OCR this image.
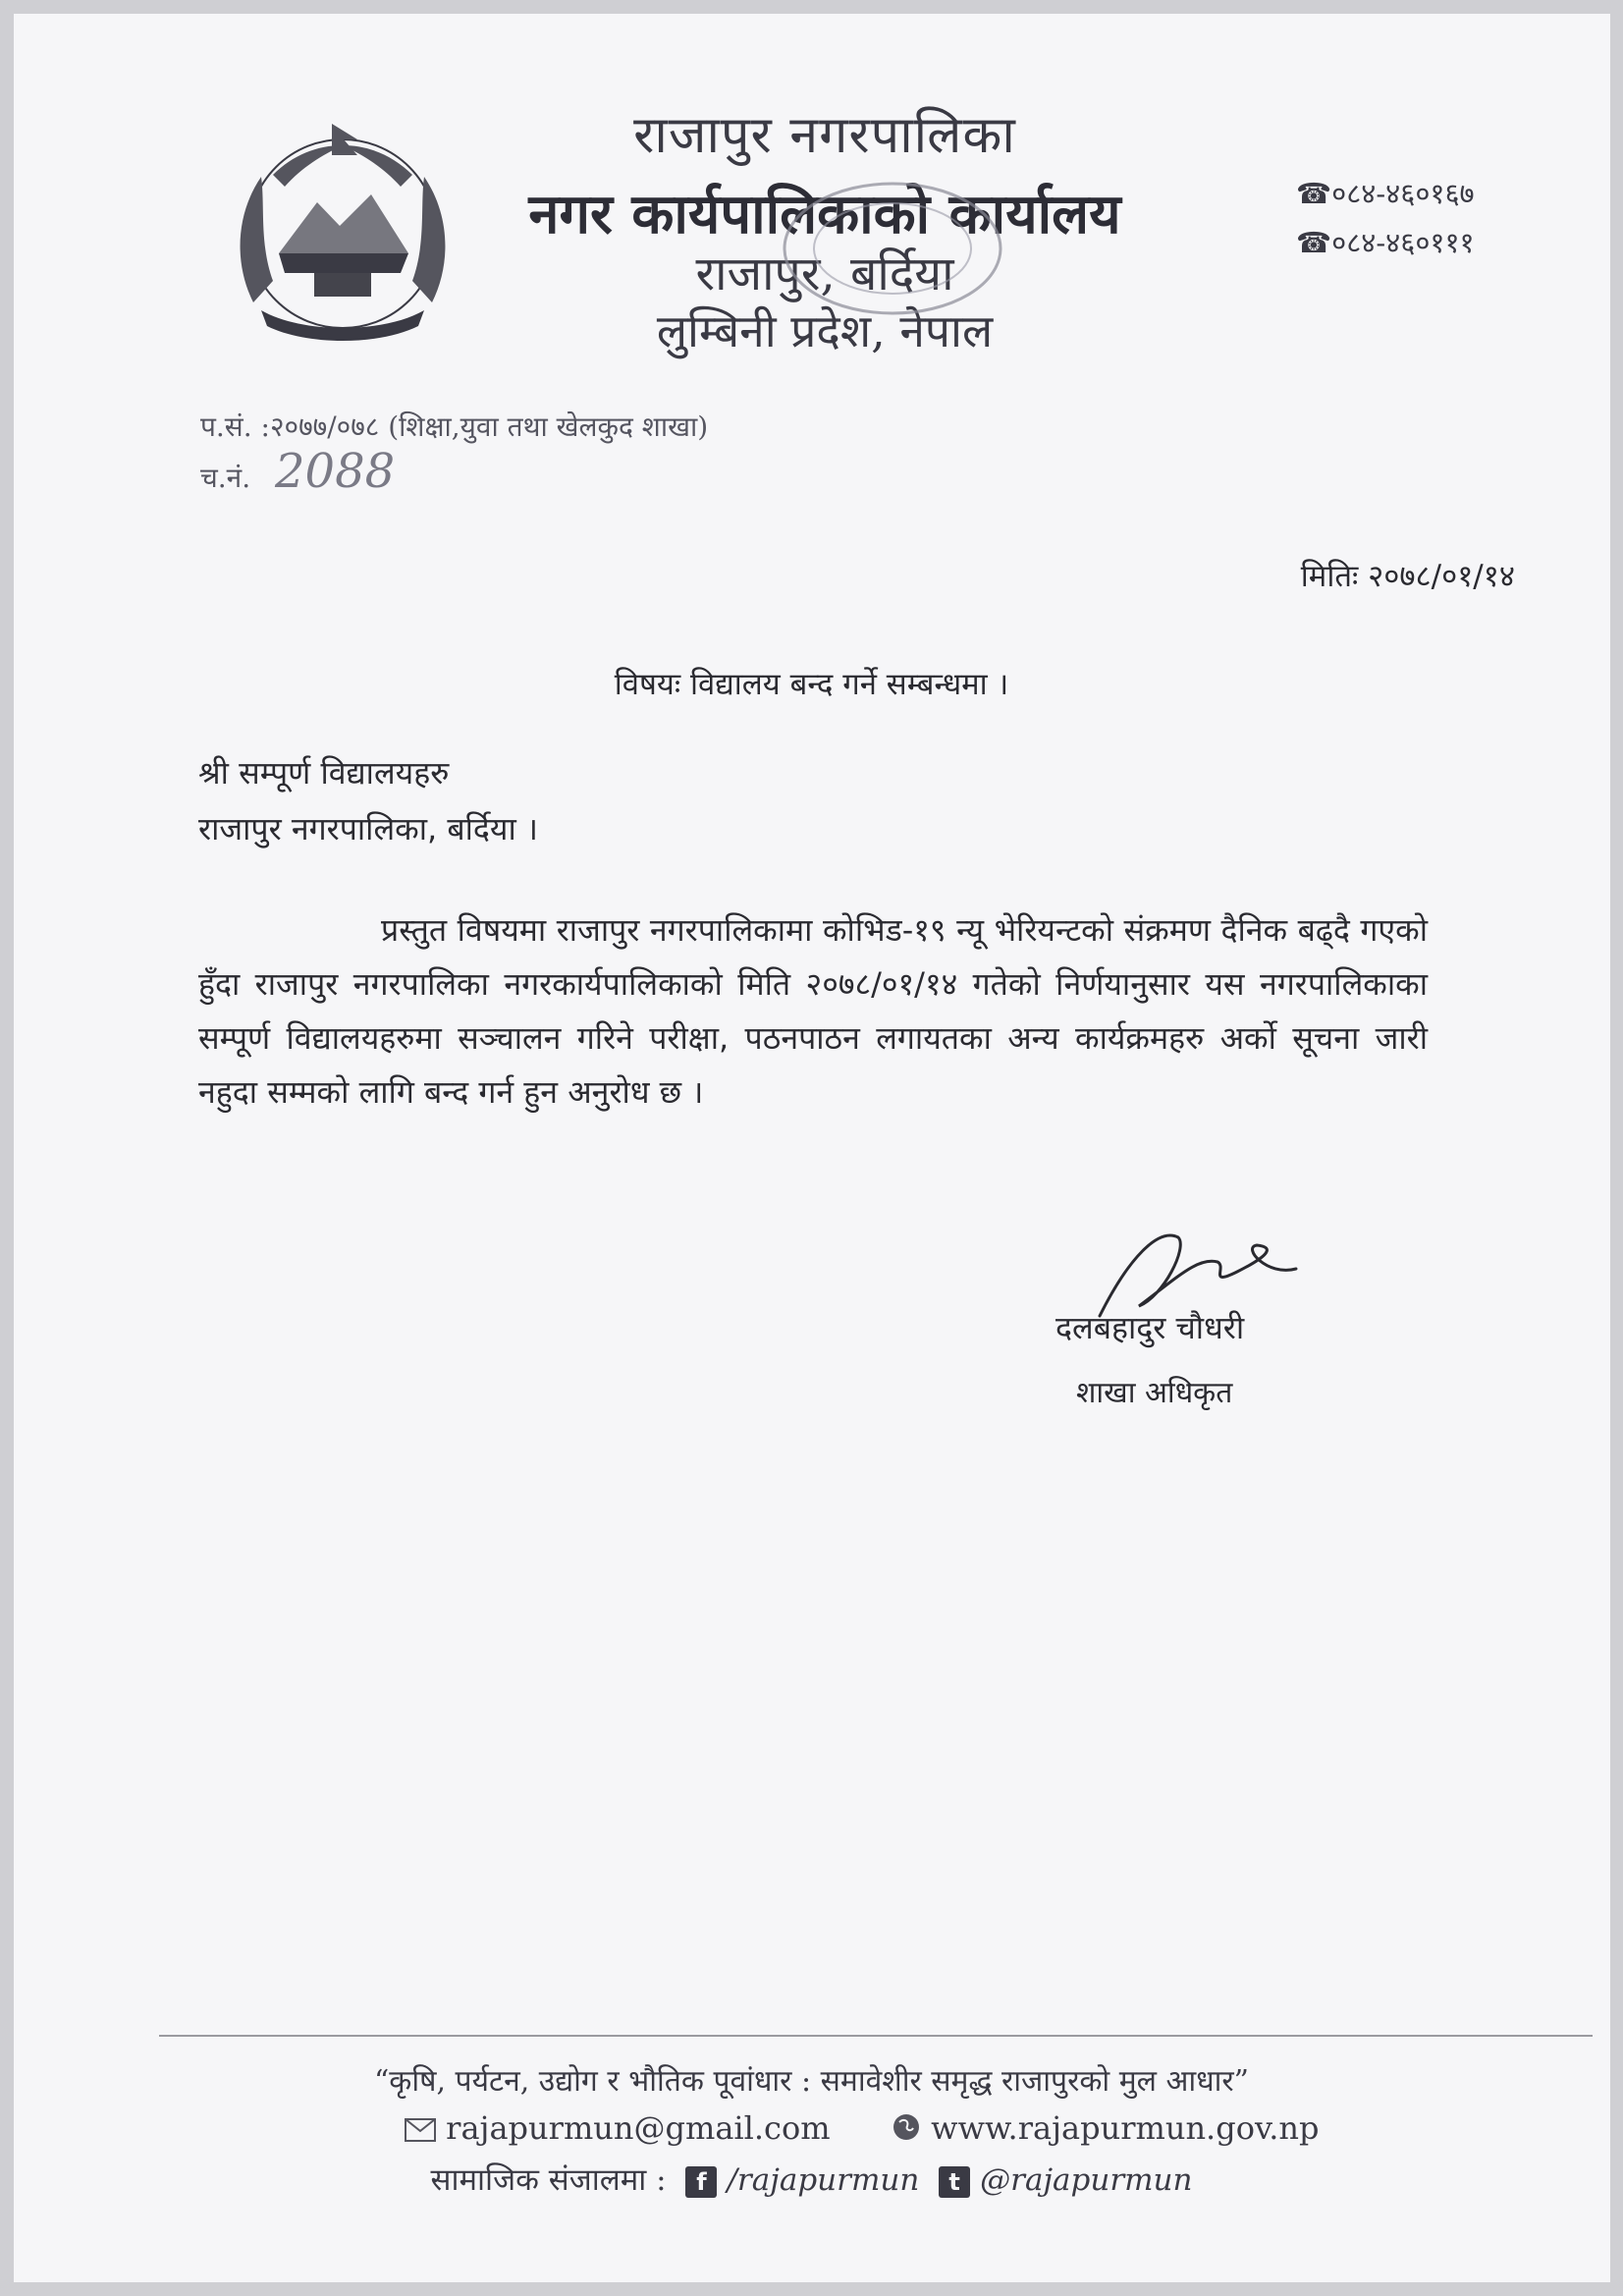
राजापुर नगरपालिका
नगर कार्यपालिकाको कार्यालय
राजापुर, बर्दिया
लुम्बिनी प्रदेश, नेपाल
☎०८४-४६०१६७
☎०८४-४६०१११
प.सं. :२०७७/०७८ (शिक्षा,युवा तथा खेलकुद शाखा)
च.नं. 2088
मितिः २०७८/०१/१४
विषयः विद्यालय बन्द गर्ने सम्बन्धमा ।
श्री सम्पूर्ण विद्यालयहरु
राजापुर नगरपालिका, बर्दिया ।
प्रस्तुत विषयमा राजापुर नगरपालिकामा कोभिड-१९ न्यू भेरियन्टको संक्रमण दैनिक बढ्दै गएको हुँदा राजापुर नगरपालिका नगरकार्यपालिकाको मिति २०७८/०१/१४ गतेको निर्णयानुसार यस नगरपालिकाका सम्पूर्ण विद्यालयहरुमा सञ्चालन गरिने परीक्षा, पठनपाठन लगायतका अन्य कार्यक्रमहरु अर्को सूचना जारी नहुदा सम्मको लागि बन्द गर्न हुन अनुरोध छ ।
दलबहादुर चौधरी
शाखा अधिकृत
“कृषि, पर्यटन, उद्योग र भौतिक पूवांधार : समावेशीर समृद्ध राजापुरको मुल आधार”
rajapurmun@gmail.com	www.rajapurmun.gov.np
सामाजिक संजालमा : f /rajapurmun t @rajapurmun
